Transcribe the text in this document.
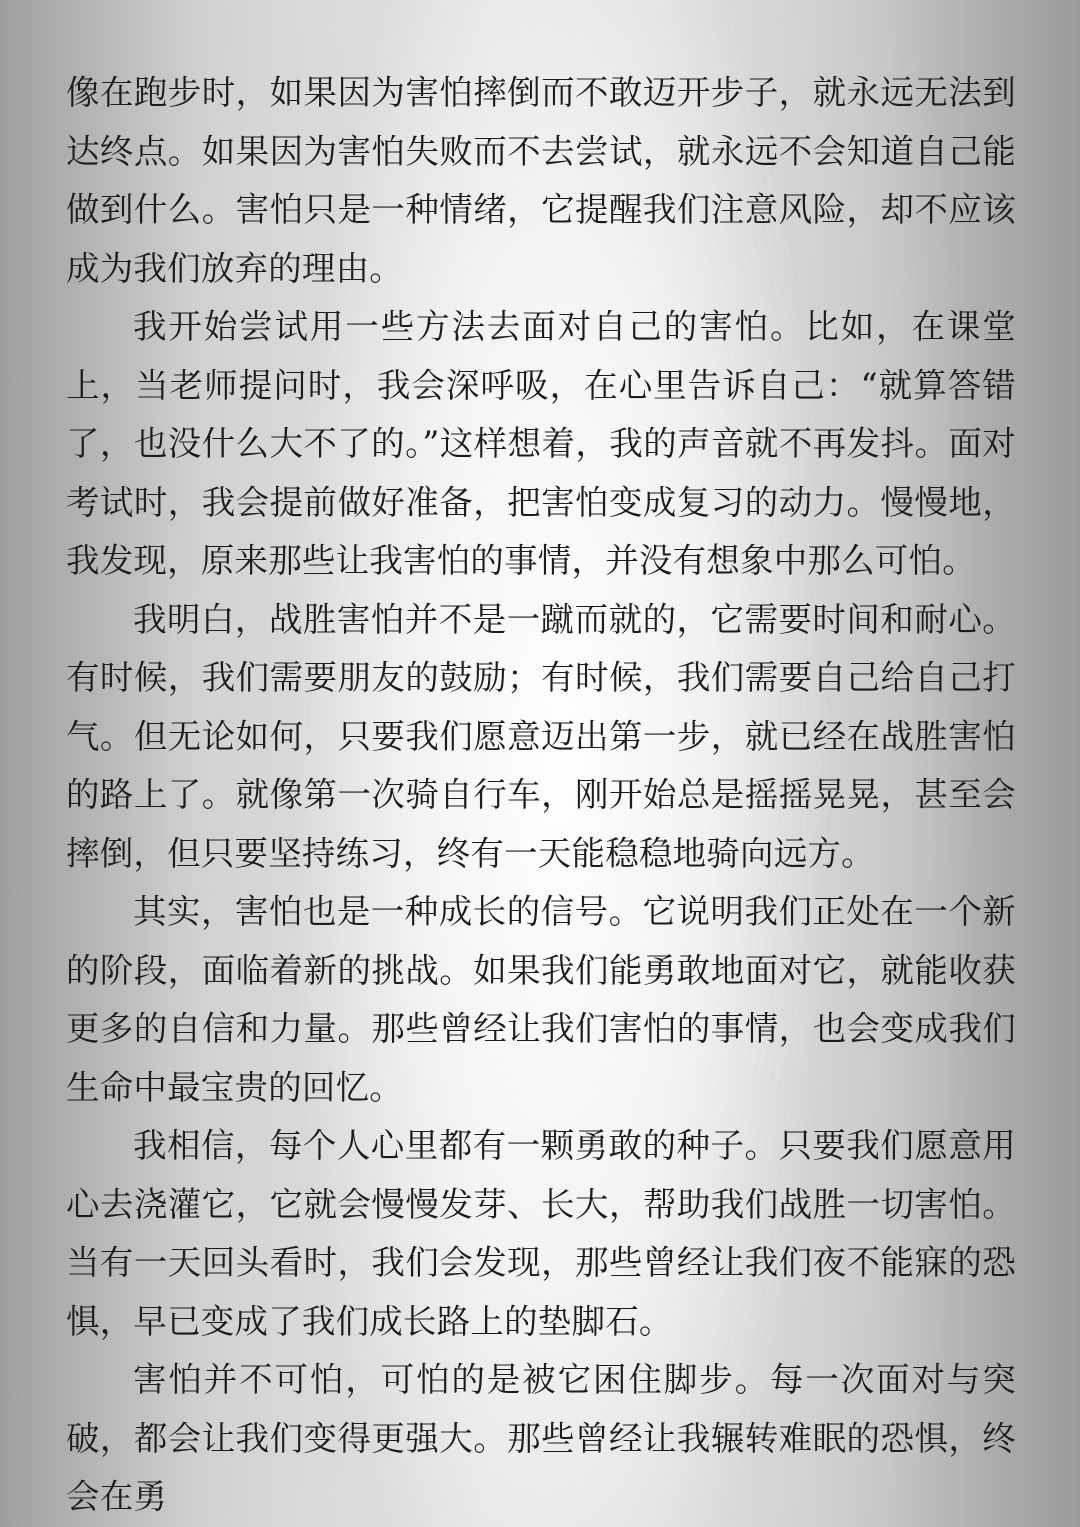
像在跑步时，如果因为害怕摔倒而不敢迈开步子，就永远无法到达终点。如果因为害怕失败而不去尝试，就永远不会知道自己能做到什么。害怕只是一种情绪，它提醒我们注意风险，却不应该成为我们放弃的理由。

我开始尝试用一些方法去面对自己的害怕。比如，在课堂上，当老师提问时，我会深呼吸，在心里告诉自己：“就算答错了，也没什么大不了的。”这样想着，我的声音就不再发抖。面对考试时，我会提前做好准备，把害怕变成复习的动力。慢慢地，我发现，原来那些让我害怕的事情，并没有想象中那么可怕。

我明白，战胜害怕并不是一蹴而就的，它需要时间和耐心。有时候，我们需要朋友的鼓励；有时候，我们需要自己给自己打气。但无论如何，只要我们愿意迈出第一步，就已经在战胜害怕的路上了。就像第一次骑自行车，刚开始总是摇摇晃晃，甚至会摔倒，但只要坚持练习，终有一天能稳稳地骑向远方。

其实，害怕也是一种成长的信号。它说明我们正处在一个新的阶段，面临着新的挑战。如果我们能勇敢地面对它，就能收获更多的自信和力量。那些曾经让我们害怕的事情，也会变成我们生命中最宝贵的回忆。

我相信，每个人心里都有一颗勇敢的种子。只要我们愿意用心去浇灌它，它就会慢慢发芽、长大，帮助我们战胜一切害怕。当有一天回头看时，我们会发现，那些曾经让我们夜不能寐的恐惧，早已变成了我们成长路上的垫脚石。

害怕并不可怕，可怕的是被它困住脚步。每一次面对与突破，都会让我们变得更强大。那些曾经让我辗转难眠的恐惧，终会在勇
